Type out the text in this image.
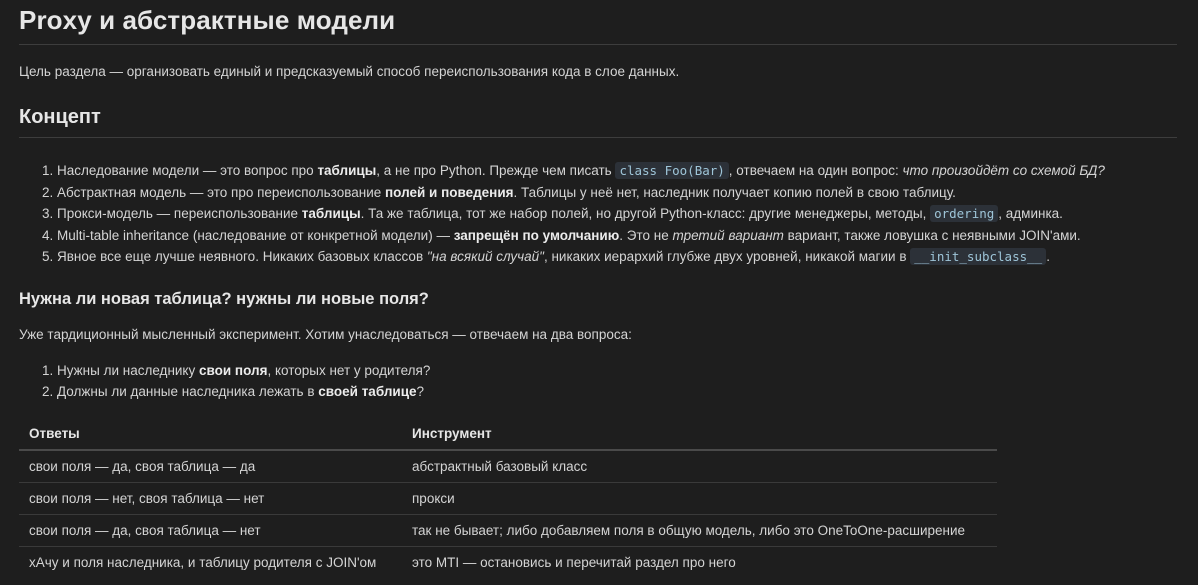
Proxy и абстрактные модели

Цель раздела — организовать единый и предсказуемый способ переиспользования кода в слое данных.

Концепт
1. Наследование модели — это вопрос про таблицы, а не про Python. Прежде чем писать class Foo(Bar) , отвечаем на один вопрос: что произойдёт со схемой БД?
2. Абстрактная модель — это про переиспользование полей и поведения. Таблицы у неё нет, наследник получает копию полей в свою таблицу.
3. Прокси-модель — переиспользование таблицы. Та же таблица, тот же набор полей, но другой Python-класс: другие менеджеры, методы, ordering , админка.
4. Multi-table inheritance (наследование от конкретной модели) — запрещён по умолчанию. Это не третий вариант вариант, также ловушка с неявными JOIN'ами.
5. Явное все еще лучше неявного. Никаких базовых классов "на всякий случай", никаких иерархий глубже двух уровней, никакой магии в __init_subclass__ .
Нужна ли новая таблица? нужны ли новые поля?

Уже тардиционный мысленный эксперимент. Хотим унаследоваться — отвечаем на два вопроса:

1. Нужны ли наследнику свои поля, которых нет у родителя?
2. Должны ли данные наследника лежать в своей таблице?
Ответы	Инструмент
свои поля — да, своя таблица — да	абстрактный базовый класс
свои поля — нет, своя таблица — нет	прокси
свои поля — да, своя таблица — нет	так не бывает; либо добавляем поля в общую модель, либо это OneToOne-расширение
хАчу и поля наследника, и таблицу родителя с JOIN'ом	это MTI — остановись и перечитай раздел про него
